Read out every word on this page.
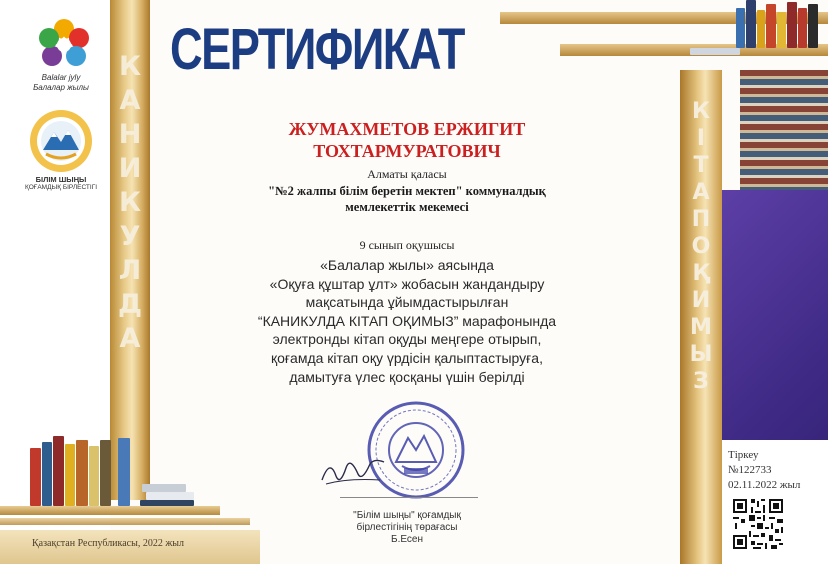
К
А
Н
И
К
У
Л
Д
А
К
І
Т
А
П
О
Қ
И
М
Ы
З
Қазақстан Республикасы, 2022 жыл
Balalar jyly
Балалар жылы
БІЛІМ ШЫҢЫ
ҚОҒАМДЫҚ БІРЛЕСТІГІ
СЕРТИФИКАТ
ЖУМАХМЕТОВ ЕРЖИГИТ
ТОХТАРМУРАТОВИЧ
Алматы қаласы
"№2 жалпы білім беретін мектеп" коммуналдық
мемлекеттік мекемесі
9 сынып оқушысы
«Балалар жылы» аясында
«Оқуға құштар ұлт» жобасын жандандыру
мақсатында ұйымдастырылған
“КАНИКУЛДА КІТАП ОҚИМЫЗ” марафонында
электронды кітап оқуды меңгере отырып,
қоғамда кітап оқу үрдісін қалыптастыруға,
дамытуға үлес қосқаны үшін берілді
"Білім шыңы" қоғамдық
бірлестігінің төрағасы
Б.Есен
Тіркеу
№122733
02.11.2022 жыл
